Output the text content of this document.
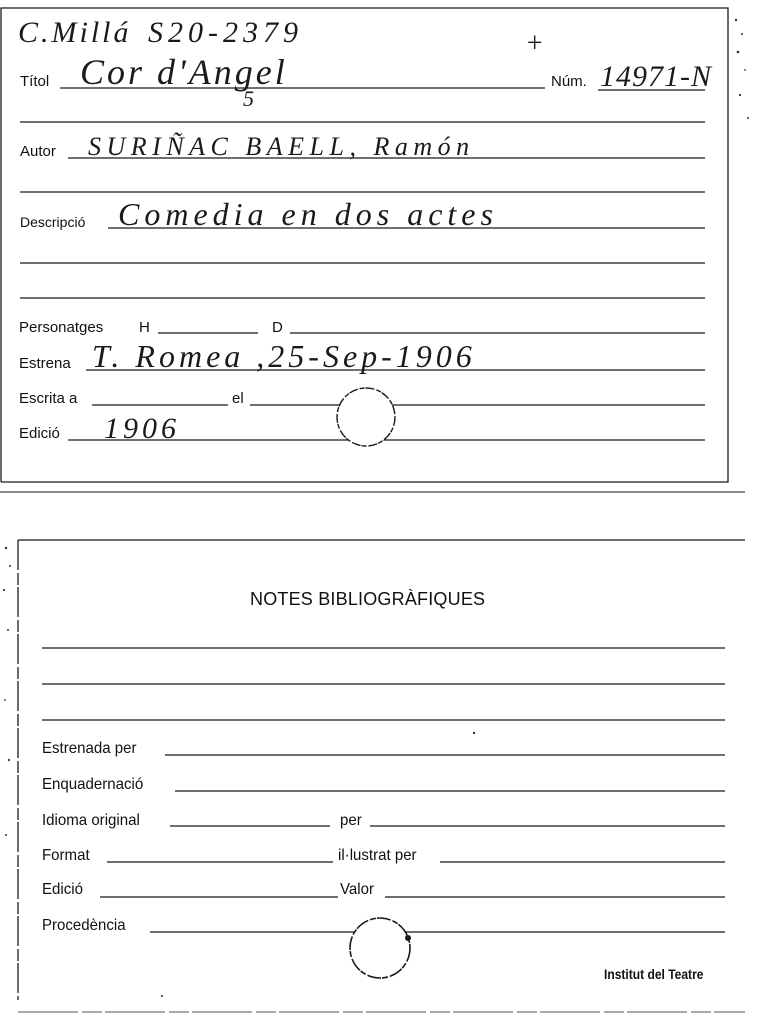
C.Millá S20-2379	+
Títol Cor d'Angel
5
Núm. 14971-N
Autor SURIÑAC BAELL, Ramón
Descripció Comedia en dos actes
Personatges H	D
Estrena T. Romea ,25-Sep-1906
Escrita a	el
Edició 1906
NOTES BIBLIOGRÀFIQUES
Estrenada per
Enquadernació
Idioma original	per
Format	il·lustrat per
Edició	Valor
Procedència
Institut del Teatre
